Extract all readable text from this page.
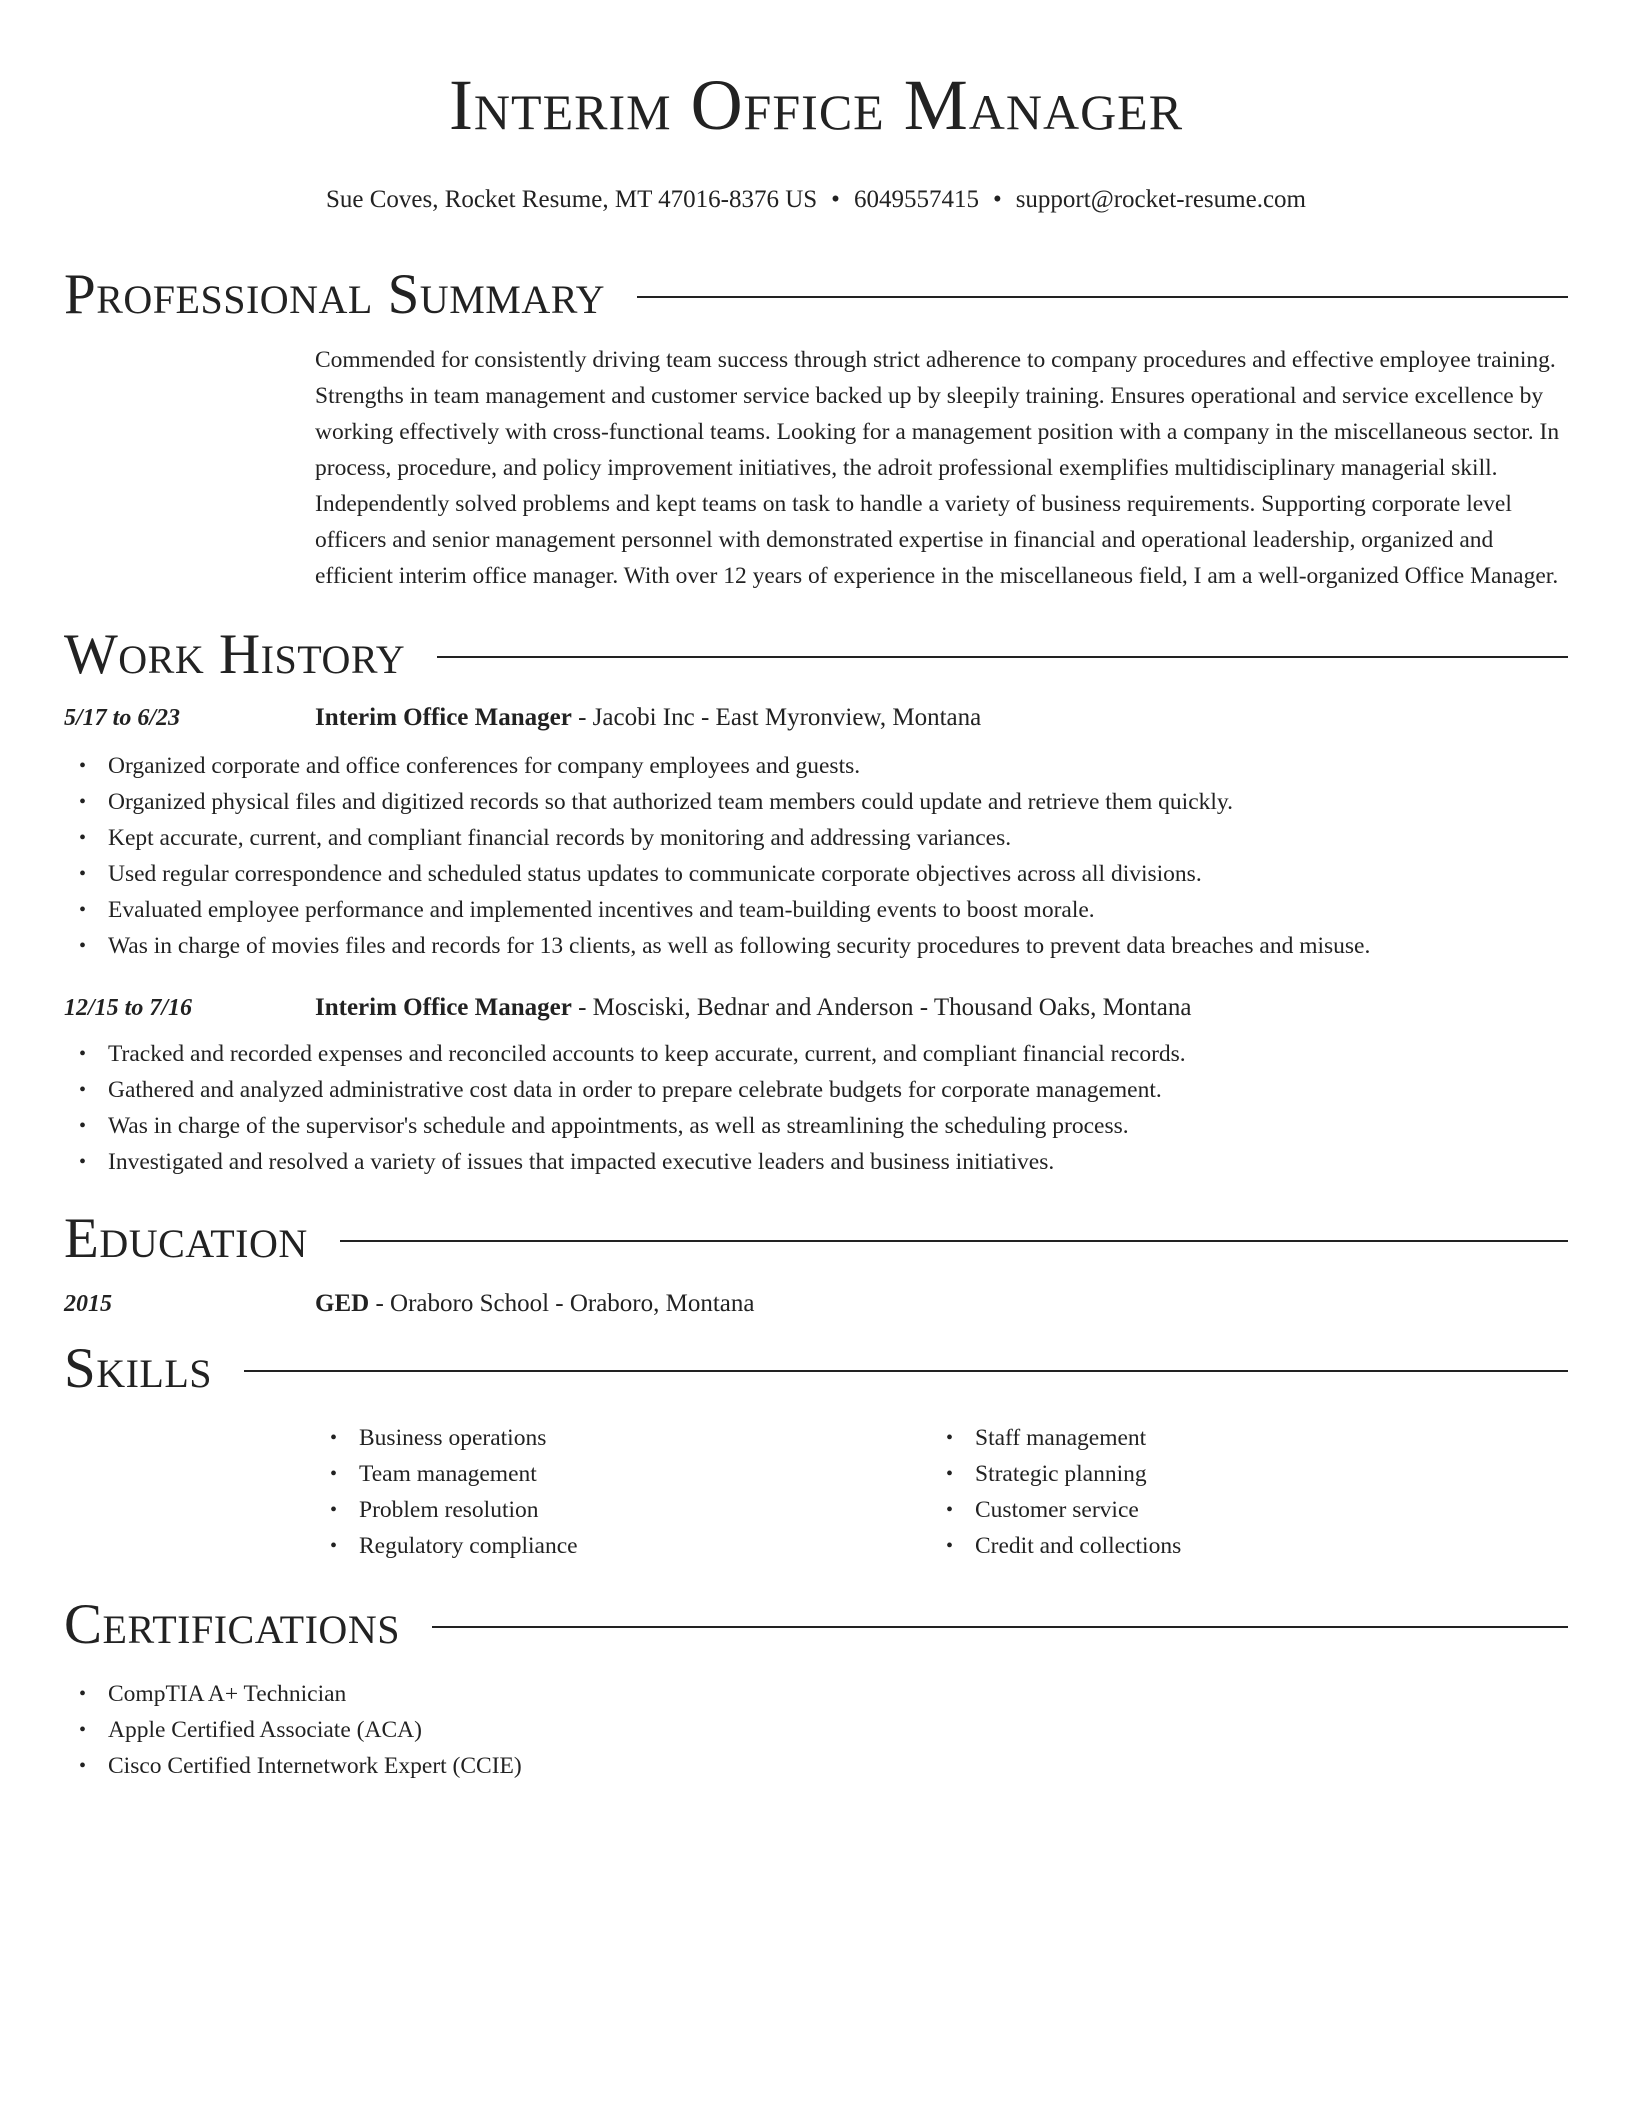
Interim Office Manager
Sue Coves, Rocket Resume, MT 47016-8376 US • 6049557415 • support@rocket-resume.com
Professional Summary
Commended for consistently driving team success through strict adherence to company procedures and effective employee training. Strengths in team management and customer service backed up by sleepily training. Ensures operational and service excellence by working effectively with cross-functional teams. Looking for a management position with a company in the miscellaneous sector. In process, procedure, and policy improvement initiatives, the adroit professional exemplifies multidisciplinary managerial skill. Independently solved problems and kept teams on task to handle a variety of business requirements. Supporting corporate level officers and senior management personnel with demonstrated expertise in financial and operational leadership, organized and efficient interim office manager. With over 12 years of experience in the miscellaneous field, I am a well-organized Office Manager.
Work History
5/17 to 6/23	Interim Office Manager - Jacobi Inc - East Myronview, Montana
• Organized corporate and office conferences for company employees and guests.
• Organized physical files and digitized records so that authorized team members could update and retrieve them quickly.
• Kept accurate, current, and compliant financial records by monitoring and addressing variances.
• Used regular correspondence and scheduled status updates to communicate corporate objectives across all divisions.
• Evaluated employee performance and implemented incentives and team-building events to boost morale.
• Was in charge of movies files and records for 13 clients, as well as following security procedures to prevent data breaches and misuse.
12/15 to 7/16	Interim Office Manager - Mosciski, Bednar and Anderson - Thousand Oaks, Montana
• Tracked and recorded expenses and reconciled accounts to keep accurate, current, and compliant financial records.
• Gathered and analyzed administrative cost data in order to prepare celebrate budgets for corporate management.
• Was in charge of the supervisor's schedule and appointments, as well as streamlining the scheduling process.
• Investigated and resolved a variety of issues that impacted executive leaders and business initiatives.
Education
2015	GED - Oraboro School - Oraboro, Montana
Skills
• Business operations
• Team management
• Problem resolution
• Regulatory compliance
• Staff management
• Strategic planning
• Customer service
• Credit and collections
Certifications
• CompTIA A+ Technician
• Apple Certified Associate (ACA)
• Cisco Certified Internetwork Expert (CCIE)
